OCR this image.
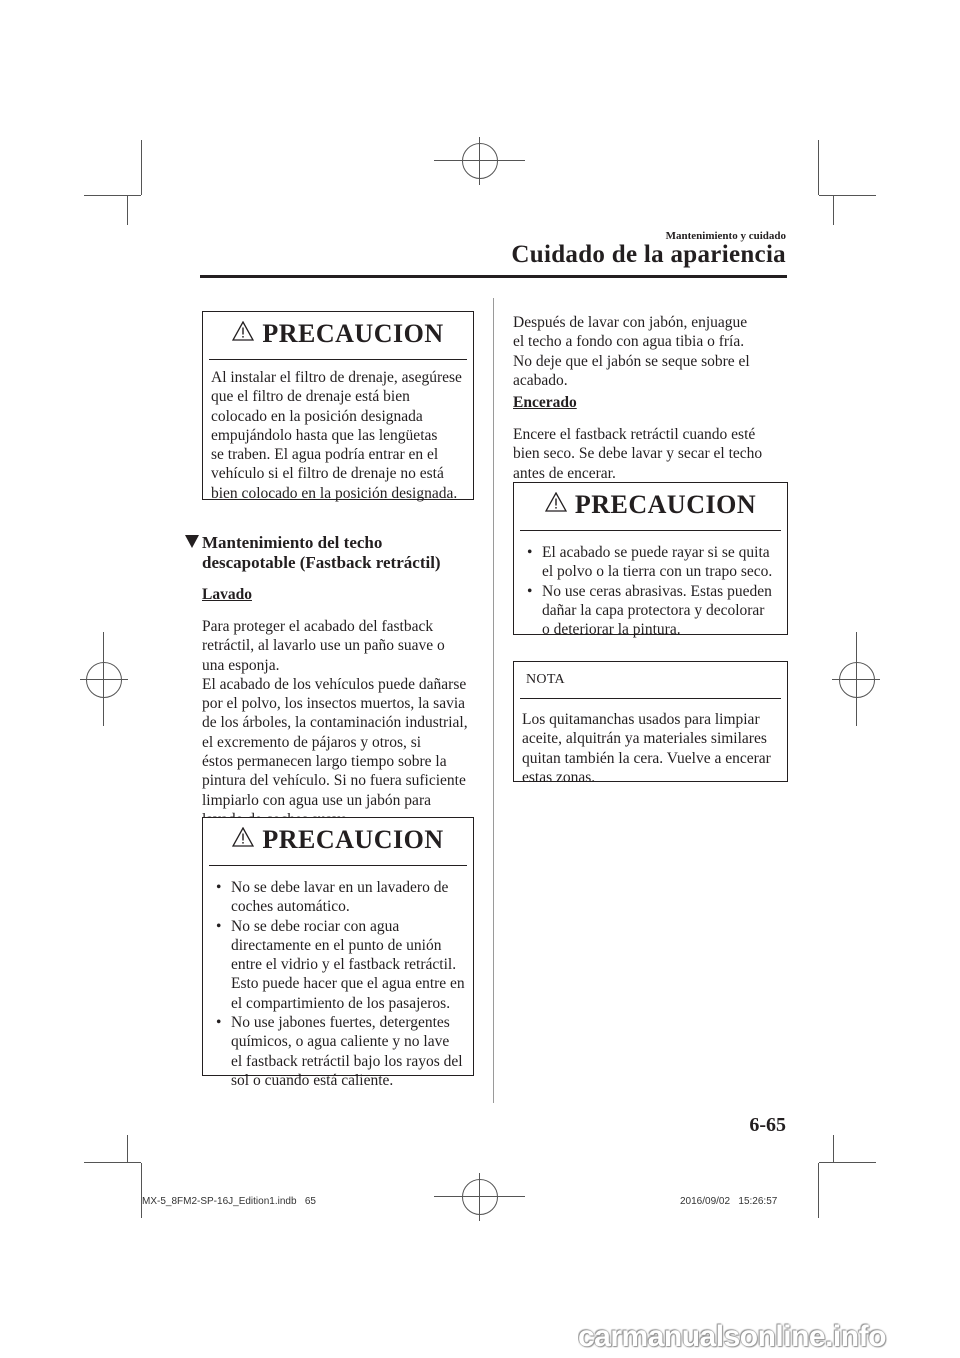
Mantenimiento y cuidado
Cuidado de la apariencia
PRECAUCION

Al instalar el filtro de drenaje, asegúrese

que el filtro de drenaje está bien

colocado en la posición designada

empujándolo hasta que las lengüetas

se traben. El agua podría entrar en el

vehículo si el filtro de drenaje no está

bien colocado en la posición designada.

Mantenimiento del techo
descapotable (Fastback retráctil)
Lavado

Para proteger el acabado del fastback

retráctil, al lavarlo use un paño suave o

una esponja.

El acabado de los vehículos puede dañarse

por el polvo, los insectos muertos, la savia

de los árboles, la contaminación industrial,

el excremento de pájaros y otros, si

éstos permanecen largo tiempo sobre la

pintura del vehículo. Si no fuera suficiente

limpiarlo con agua use un jabón para

PRECAUCION
• No se debe lavar en un lavadero de

coches automático.

• No se debe rociar con agua

directamente en el punto de unión

entre el vidrio y el fastback retráctil.

Esto puede hacer que el agua entre en

el compartimiento de los pasajeros.

• No use jabones fuertes, detergentes

químicos, o agua caliente y no lave

el fastback retráctil bajo los rayos del

sol o cuando está caliente.

Después de lavar con jabón, enjuague

el techo a fondo con agua tibia o fría.

No deje que el jabón se seque sobre el

acabado.

Encerado

Encere el fastback retráctil cuando esté

bien seco. Se debe lavar y secar el techo

antes de encerar.

PRECAUCION
• El acabado se puede rayar si se quita

el polvo o la tierra con un trapo seco.

• No use ceras abrasivas. Estas pueden

dañar la capa protectora y decolorar

o deteriorar la pintura.

NOTA

Los quitamanchas usados para limpiar

aceite, alquitrán ya materiales similares

quitan también la cera. Vuelve a encerar

estas zonas.

6-65
MX-5_8FM2-SP-16J_Edition1.indb 65	2016/09/02 15:26:57
carmanualsonline.info
